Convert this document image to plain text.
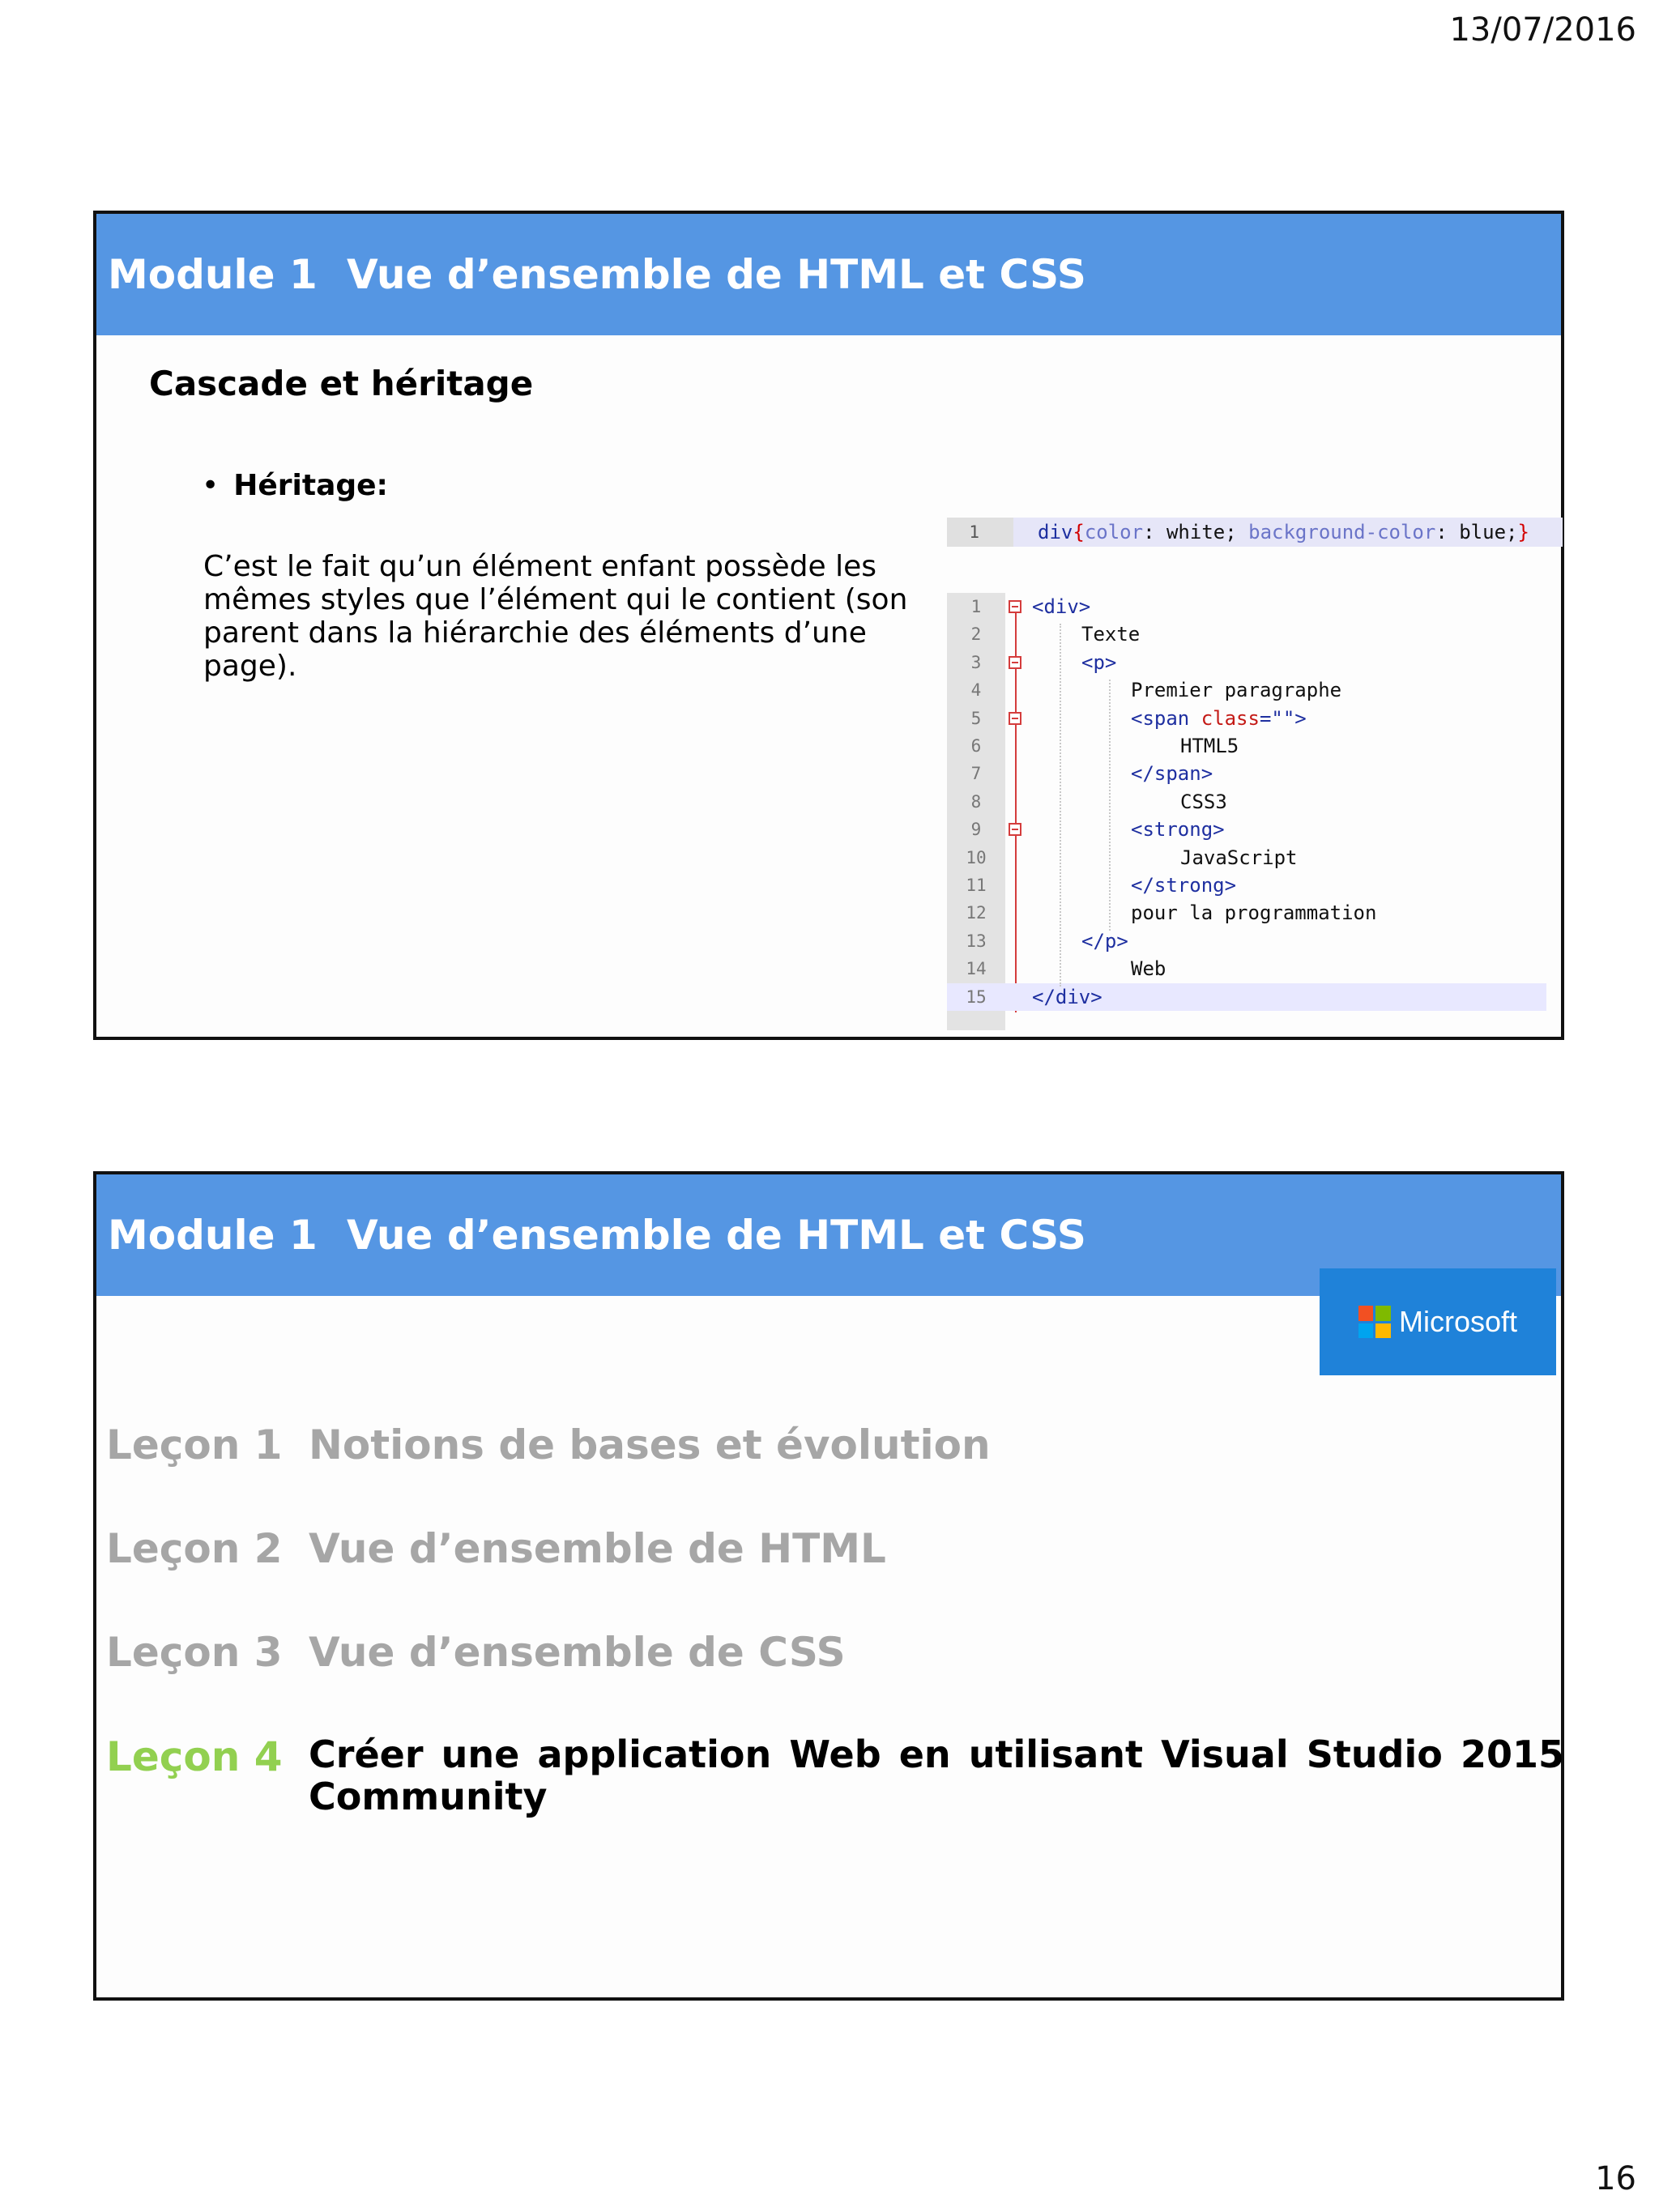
13/07/2016
Module 1 Vue d’ensemble de HTML et CSS
Cascade et héritage
• Héritage:
C’est le fait qu’un élément enfant possède les mêmes styles que l’élément qui le contient (son parent dans la hiérarchie des éléments d’une page).
1	div{color: white; background-color: blue;}
1	<div>
2	Texte
3	<p>
4	Premier paragraphe
5	<span class="">
6	HTML5
7	</span>
8	CSS3
9	<strong>
10	JavaScript
11	</strong>
12	pour la programmation
13	</p>
14	Web
15	</div>
Module 1 Vue d’ensemble de HTML et CSS
Microsoft
Leçon 1 Notions de bases et évolution
Leçon 2 Vue d’ensemble de HTML
Leçon 3 Vue d’ensemble de CSS
Leçon 4 Créer une application Web en utilisant Visual Studio 2015 Community
16
